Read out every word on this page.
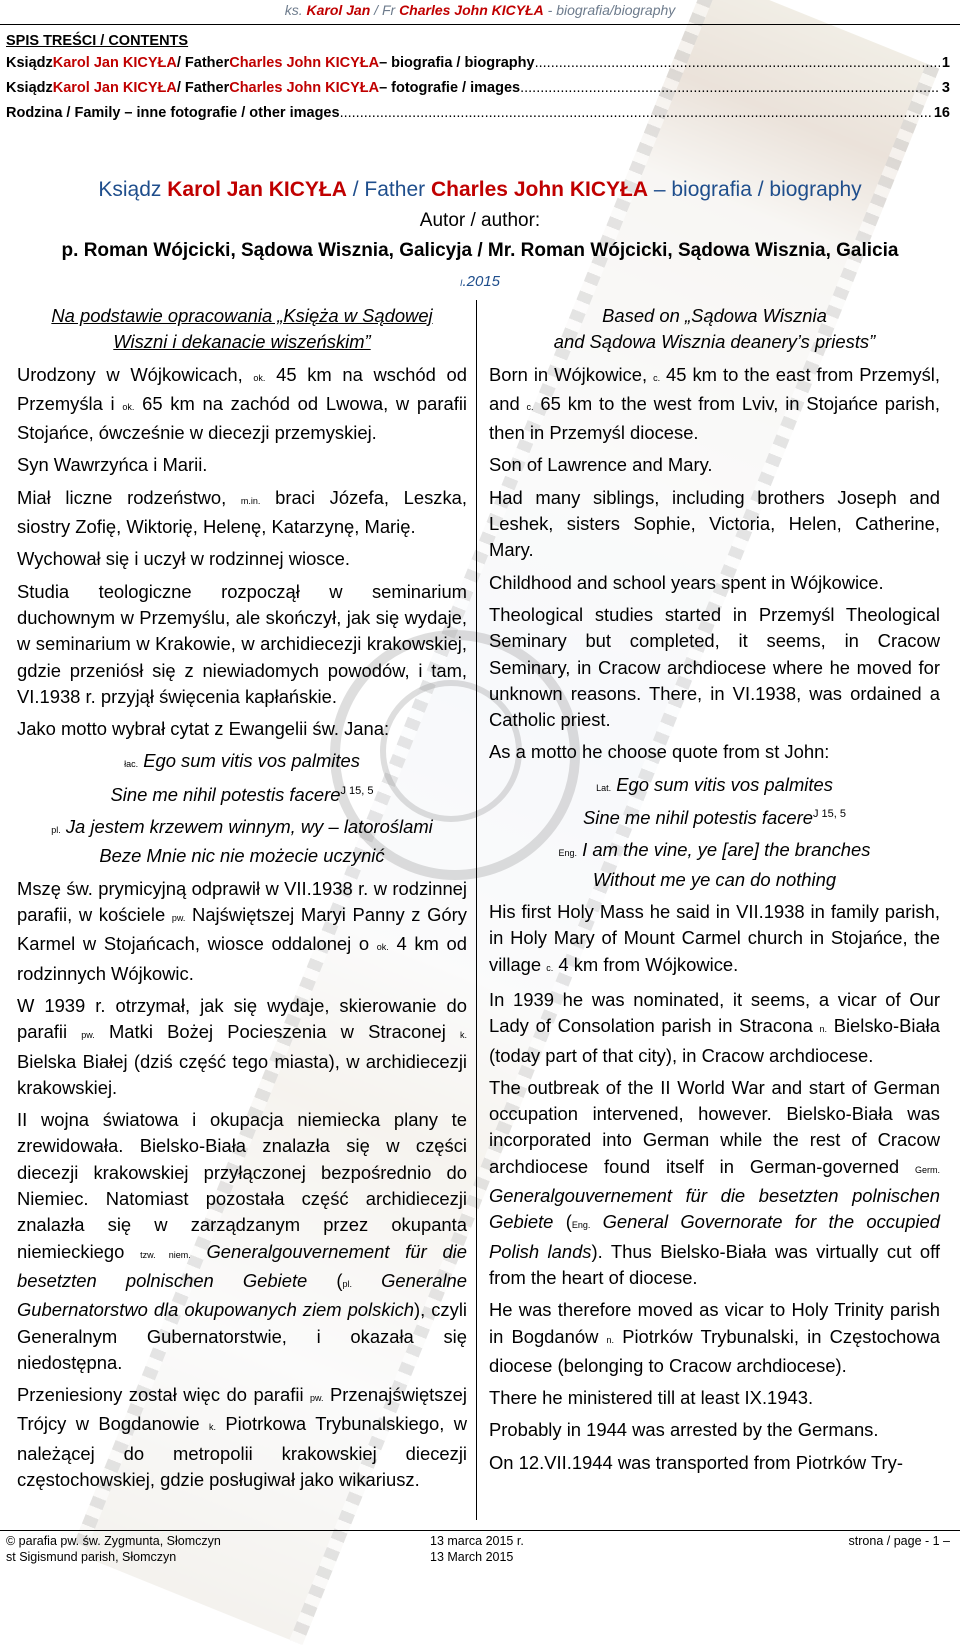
ks. Karol Jan / Fr Charles John KICYŁA - biografia/biography
SPIS TREŚCI / CONTENTS
Ksiądz Karol Jan KICYŁA / Father Charles John KICYŁA – biografia / biography .....	1
Ksiądz Karol Jan KICYŁA / Father Charles John KICYŁA – fotografie / images .....	3
Rodzina / Family – inne fotografie / other images .....	16
Ksiądz Karol Jan KICYŁA / Father Charles John KICYŁA – biografia / biography
Autor / author:
p. Roman Wójcicki, Sądowa Wisznia, Galicyja / Mr. Roman Wójcicki, Sądowa Wisznia, Galicia
I.2015

Na podstawie opracowania „Księża w Sądowej
Wiszni i dekanacie wiszeńskim”

Urodzony w Wójkowicach, ok. 45 km na wschód od Przemyśla i ok. 65 km na zachód od Lwowa, w parafii Stojańce, ówcześnie w diecezji przemyskiej.

Syn Wawrzyńca i Marii.

Miał liczne rodzeństwo, m.in. braci Józefa, Leszka, siostry Zofię, Wiktorię, Helenę, Katarzynę, Marię.

Wychował się i uczył w rodzinnej wiosce.

Studia teologiczne rozpoczął w seminarium duchownym w Przemyślu, ale skończył, jak się wydaje, w seminarium w Krakowie, w archidiecezji krakowskiej, gdzie przeniósł się z niewiadomych powodów, i tam, VI.1938 r. przyjął święcenia kapłańskie.

Jako motto wybrał cytat z Ewangelii św. Jana:

łac. Ego sum vitis vos palmites
Sine me nihil potestis facere$^{J 15, 5}$

pl. Ja jestem krzewem winnym, wy – latoroślami
Beze Mnie nic nie możecie uczynić

Mszę św. prymicyjną odprawił w VII.1938 r. w rodzinnej parafii, w kościele pw. Najświętszej Maryi Panny z Góry Karmel w Stojańcach, wiosce oddalonej o ok. 4 km od rodzinnych Wójkowic.

W 1939 r. otrzymał, jak się wydaje, skierowanie do parafii pw. Matki Bożej Pocieszenia w Straconej k. Bielska Białej (dziś część tego miasta), w archidiecezji krakowskiej.

II wojna światowa i okupacja niemiecka plany te zrewidowała. Bielsko-Biała znalazła się w części diecezji krakowskiej przyłączonej bezpośrednio do Niemiec. Natomiast pozostała część archidiecezji znalazła się w zarządzanym przez okupanta niemieckiego tzw. niem. Generalgouvernement für die besetzten polnischen Gebiete (pl. Generalne Gubernatorstwo dla okupowanych ziem polskich), czyli Generalnym Gubernatorstwie, i okazała się niedostępna.

Przeniesiony został więc do parafii pw. Przenajświętszej Trójcy w Bogdanowie k. Piotrkowa Trybunalskiego, w należącej do metropolii krakowskiej diecezji częstochowskiej, gdzie posługiwał jako wikariusz.

Based on „Sądowa Wisznia
and Sądowa Wisznia deanery’s priests”

Born in Wójkowice, c. 45 km to the east from Przemyśl, and c. 65 km to the west from Lviv, in Stojańce parish, then in Przemyśl diocese.

Son of Lawrence and Mary.

Had many siblings, including brothers Joseph and Leshek, sisters Sophie, Victoria, Helen, Catherine, Mary.

Childhood and school years spent in Wójkowice.

Theological studies started in Przemyśl Theological Seminary but completed, it seems, in Cracow Seminary, in Cracow archdiocese where he moved for unknown reasons. There, in VI.1938, was ordained a Catholic priest.

As a motto he choose quote from st John:

Lat. Ego sum vitis vos palmites
Sine me nihil potestis facere$^{J 15, 5}$

Eng. I am the vine, ye [are] the branches
Without me ye can do nothing

His first Holy Mass he said in VII.1938 in family parish, in Holy Mary of Mount Carmel church in Stojańce, the village c. 4 km from Wójkowice.

In 1939 he was nominated, it seems, a vicar of Our Lady of Consolation parish in Stracona n. Bielsko-Biała (today part of that city), in Cracow archdiocese.

The outbreak of the II World War and start of German occupation intervened, however. Bielsko-Biała was incorporated into German while the rest of Cracow archdiocese found itself in German-governed Germ. Generalgouvernement für die besetzten polnischen Gebiete (Eng. General Governorate for the occupied Polish lands). Thus Bielsko-Biała was virtually cut off from the heart of diocese.

He was therefore moved as vicar to Holy Trinity parish in Bogdanów n. Piotrków Trybunalski, in Częstochowa diocese (belonging to Cracow archdiocese).

There he ministered till at least IX.1943.

Probably in 1944 was arrested by the Germans.

On 12.VII.1944 was transported from Piotrków Try-

© parafia pw. św. Zygmunta, Słomczyn
st Sigismund parish, Słomczyn
13 marca 2015 r.
13 March 2015
strona / page - 1 –
